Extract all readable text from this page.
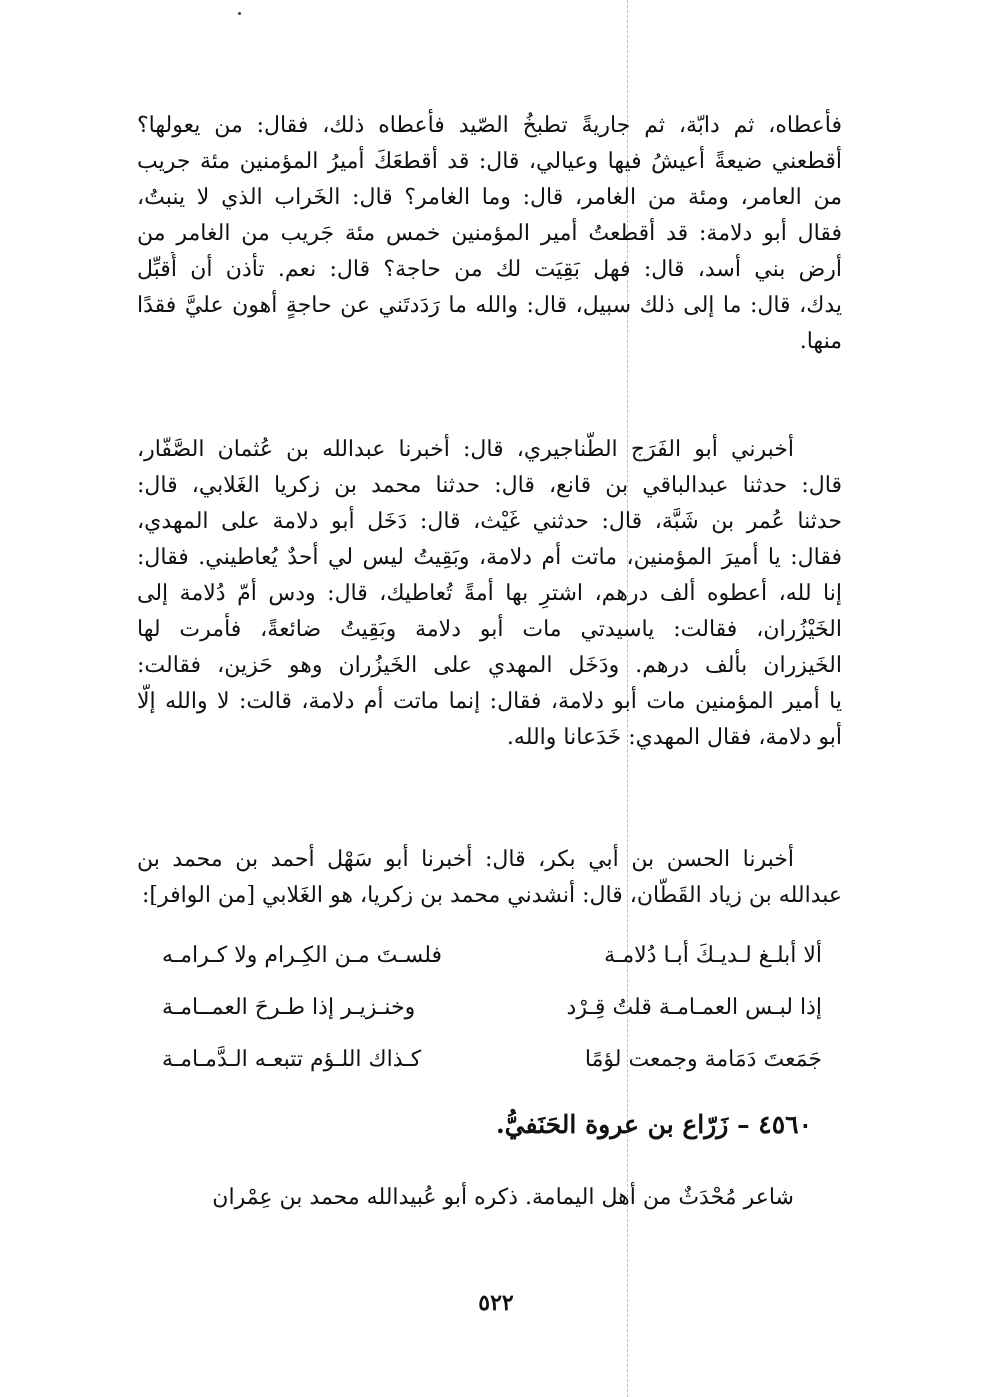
فأعطاه، ثم دابّة، ثم جاريةً تطبخُ الصّيد فأعطاه ذلك، فقال: من يعولها؟
أقطعني ضيعةً أعيشُ فيها وعيالي، قال: قد أقطعَكَ أميرُ المؤمنين مئة جريب
من العامر، ومئة من الغامر، قال: وما الغامر؟ قال: الخَراب الذي لا ينبتُ،
فقال أبو دلامة: قد أقطعتُ أمير المؤمنين خمس مئة جَريب من الغامر من
أرض بني أسد، قال: فهل بَقِيَت لك من حاجة؟ قال: نعم. تأذن أن أُقبِّل
يدك، قال: ما إلى ذلك سبيل، قال: والله ما رَدَدتَني عن حاجةٍ أهون عليَّ فقدًا
منها.
أخبرني أبو الفَرَج الطَّناجيري، قال: أخبرنا عبدالله بن عُثمان الصَّفّار،
قال: حدثنا عبدالباقي بن قانع، قال: حدثنا محمد بن زكريا الغَلابي، قال:
حدثنا عُمر بن شَبَّة، قال: حدثني غَيْث، قال: دَخَل أبو دلامة على المهدي،
فقال: يا أميرَ المؤمنين، ماتت أم دلامة، وبَقِيتُ ليس لي أحدٌ يُعاطيني. فقال:
إنا لله، أعطوه ألف درهم، اشترِ بها أمةً تُعاطيك، قال: ودس أمّ دُلامة إلى
الخَيْزُران، فقالت: ياسيدتي مات أبو دلامة وبَقِيتُ ضائعةً، فأمرت لها
الخَيزران بألف درهم. ودَخَل المهدي على الخَيزُران وهو حَزين، فقالت:
يا أمير المؤمنين مات أبو دلامة، فقال: إنما ماتت أم دلامة، قالت: لا والله إلّا
أبو دلامة، فقال المهدي: خَدَعانا والله.
أخبرنا الحسن بن أبي بكر، قال: أخبرنا أبو سَهْل أحمد بن محمد بن
عبدالله بن زياد القَطّان، قال: أنشدني محمد بن زكريا، هو الغَلابي [من الوافر]:
ألا أبلـغ لـديـكَ أبـا دُلامـة
فلسـتَ مـن الكِـرام ولا كـرامـه
إذا لبـس العمـامـة قلتُ قِـرْد
وخنـزيـر إذا طـرحَ العمــامـة
جَمَعتَ دَمَامة وجمعت لؤمًا
كـذاك اللـؤم تتبعـه الـدَّمـامـة
٤٥٦٠ – زَرّاع بن عروة الحَنَفيُّ.
شاعر مُحْدَثٌ من أهل اليمامة. ذكره أبو عُبيدالله محمد بن عِمْران
٥٢٢
